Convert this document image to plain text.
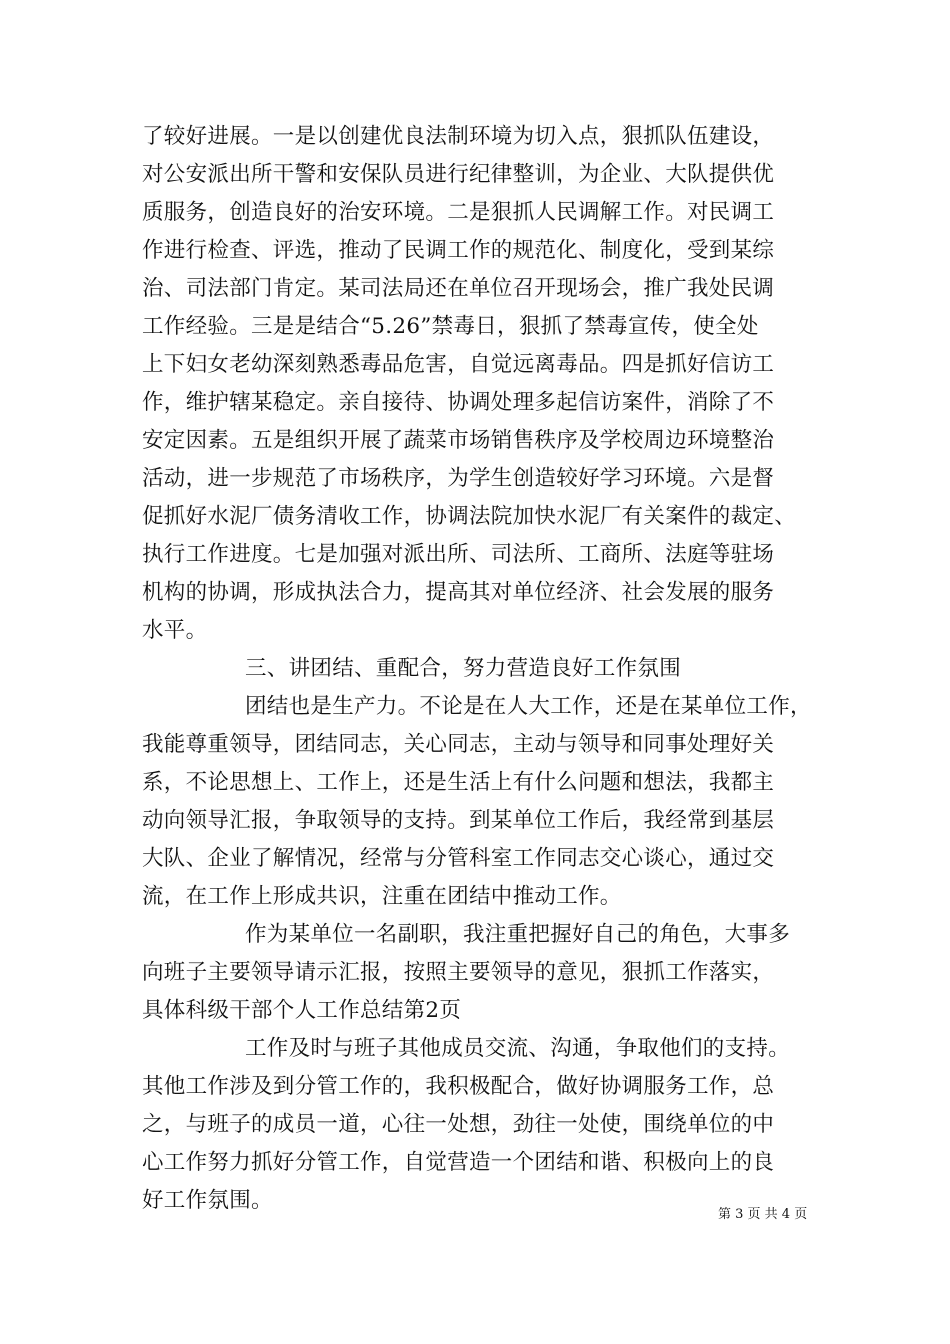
了较好进展。一是以创建优良法制环境为切入点，狠抓队伍建设，
对公安派出所干警和安保队员进行纪律整训，为企业、大队提供优
质服务，创造良好的治安环境。二是狠抓人民调解工作。对民调工
作进行检查、评选，推动了民调工作的规范化、制度化，受到某综
治、司法部门肯定。某司法局还在单位召开现场会，推广我处民调
工作经验。三是是结合“5.26”禁毒日，狠抓了禁毒宣传，使全处
上下妇女老幼深刻熟悉毒品危害，自觉远离毒品。四是抓好信访工
作，维护辖某稳定。亲自接待、协调处理多起信访案件，消除了不
安定因素。五是组织开展了蔬菜市场销售秩序及学校周边环境整治
活动，进一步规范了市场秩序，为学生创造较好学习环境。六是督
促抓好水泥厂债务清收工作，协调法院加快水泥厂有关案件的裁定、
执行工作进度。七是加强对派出所、司法所、工商所、法庭等驻场
机构的协调，形成执法合力，提高其对单位经济、社会发展的服务
水平。
三、讲团结、重配合，努力营造良好工作氛围
团结也是生产力。不论是在人大工作，还是在某单位工作，
我能尊重领导，团结同志，关心同志，主动与领导和同事处理好关
系，不论思想上、工作上，还是生活上有什么问题和想法，我都主
动向领导汇报，争取领导的支持。到某单位工作后，我经常到基层
大队、企业了解情况，经常与分管科室工作同志交心谈心，通过交
流，在工作上形成共识，注重在团结中推动工作。
作为某单位一名副职，我注重把握好自己的角色，大事多
向班子主要领导请示汇报，按照主要领导的意见，狠抓工作落实，
具体科级干部个人工作总结第2页
工作及时与班子其他成员交流、沟通，争取他们的支持。
其他工作涉及到分管工作的，我积极配合，做好协调服务工作，总
之，与班子的成员一道，心往一处想，劲往一处使，围绕单位的中
心工作努力抓好分管工作，自觉营造一个团结和谐、积极向上的良
好工作氛围。
第 3 页 共 4 页
